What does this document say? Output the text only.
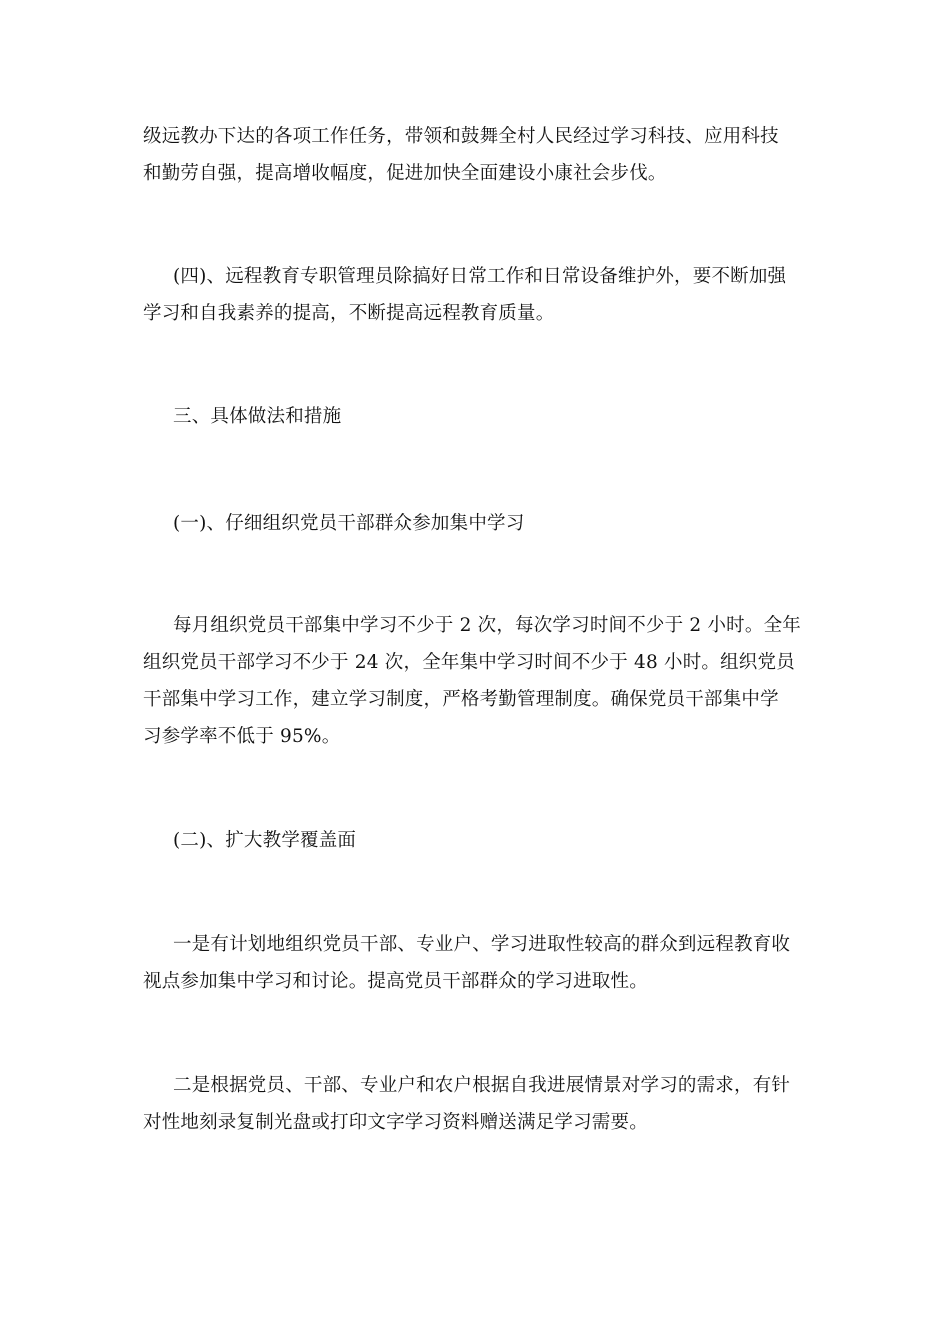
级远教办下达的各项工作任务，带领和鼓舞全村人民经过学习科技、应用科技
和勤劳自强，提高增收幅度，促进加快全面建设小康社会步伐。

(四)、远程教育专职管理员除搞好日常工作和日常设备维护外，要不断加强
学习和自我素养的提高，不断提高远程教育质量。

三、具体做法和措施

(一)、仔细组织党员干部群众参加集中学习

每月组织党员干部集中学习不少于 2 次，每次学习时间不少于 2 小时。全年
组织党员干部学习不少于 24 次，全年集中学习时间不少于 48 小时。组织党员
干部集中学习工作，建立学习制度，严格考勤管理制度。确保党员干部集中学
习参学率不低于 95%。

(二)、扩大教学覆盖面

一是有计划地组织党员干部、专业户、学习进取性较高的群众到远程教育收
视点参加集中学习和讨论。提高党员干部群众的学习进取性。

二是根据党员、干部、专业户和农户根据自我进展情景对学习的需求，有针
对性地刻录复制光盘或打印文字学习资料赠送满足学习需要。
